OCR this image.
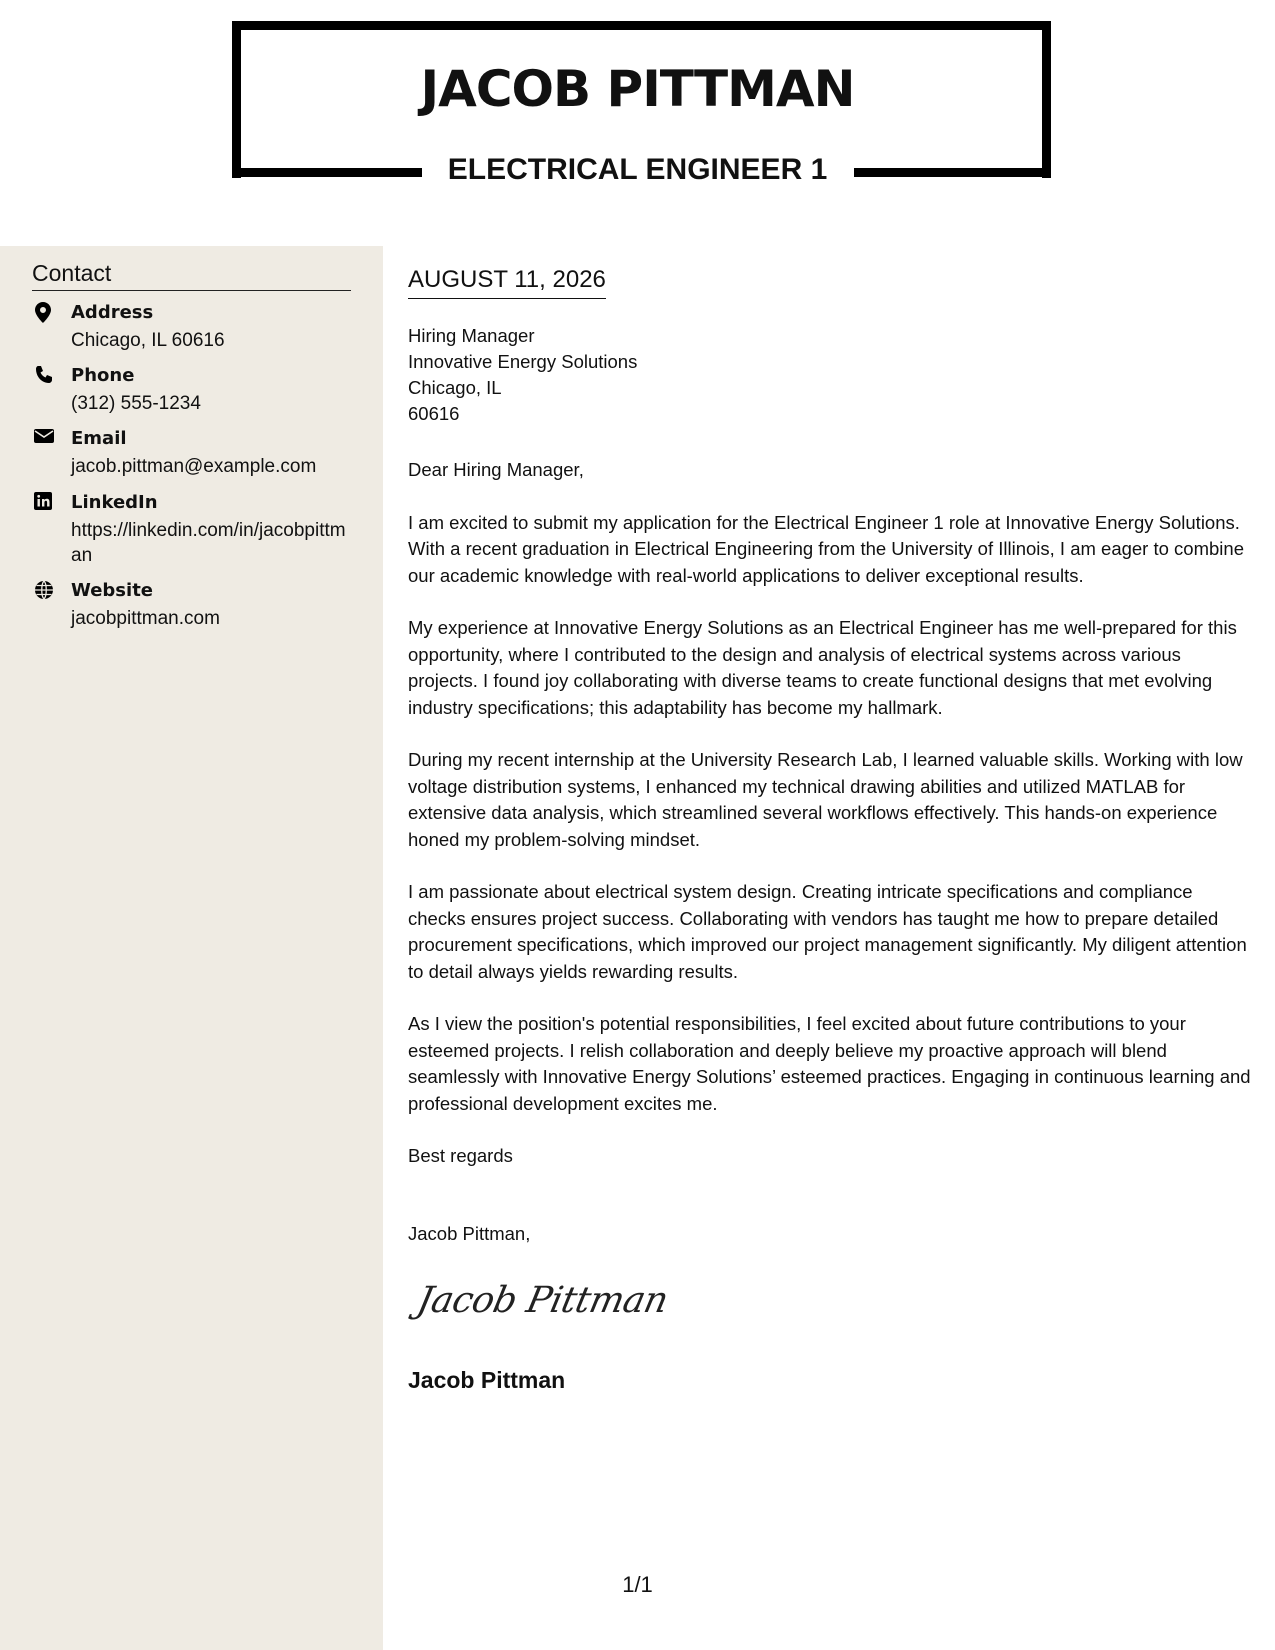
JACOB PITTMAN
ELECTRICAL ENGINEER 1
Contact
Address
Chicago, IL 60616
Phone
(312) 555-1234
Email
jacob.pittman@example.com
LinkedIn
https://linkedin.com/in/jacobpittman
Website
jacobpittman.com
AUGUST 11, 2026
Hiring Manager
Innovative Energy Solutions
Chicago, IL
60616

Dear Hiring Manager,

I am excited to submit my application for the Electrical Engineer 1 role at Innovative Energy Solutions. With a recent graduation in Electrical Engineering from the University of Illinois, I am eager to combine our academic knowledge with real-world applications to deliver exceptional results.

My experience at Innovative Energy Solutions as an Electrical Engineer has me well-prepared for this opportunity, where I contributed to the design and analysis of electrical systems across various projects. I found joy collaborating with diverse teams to create functional designs that met evolving industry specifications; this adaptability has become my hallmark.

During my recent internship at the University Research Lab, I learned valuable skills. Working with low voltage distribution systems, I enhanced my technical drawing abilities and utilized MATLAB for extensive data analysis, which streamlined several workflows effectively. This hands-on experience honed my problem-solving mindset.

I am passionate about electrical system design. Creating intricate specifications and compliance checks ensures project success. Collaborating with vendors has taught me how to prepare detailed procurement specifications, which improved our project management significantly. My diligent attention to detail always yields rewarding results.

As I view the position's potential responsibilities, I feel excited about future contributions to your esteemed projects. I relish collaboration and deeply believe my proactive approach will blend seamlessly with Innovative Energy Solutions’ esteemed practices. Engaging in continuous learning and professional development excites me.

Best regards
Jacob Pittman,
Jacob Pittman
Jacob Pittman
1/1
